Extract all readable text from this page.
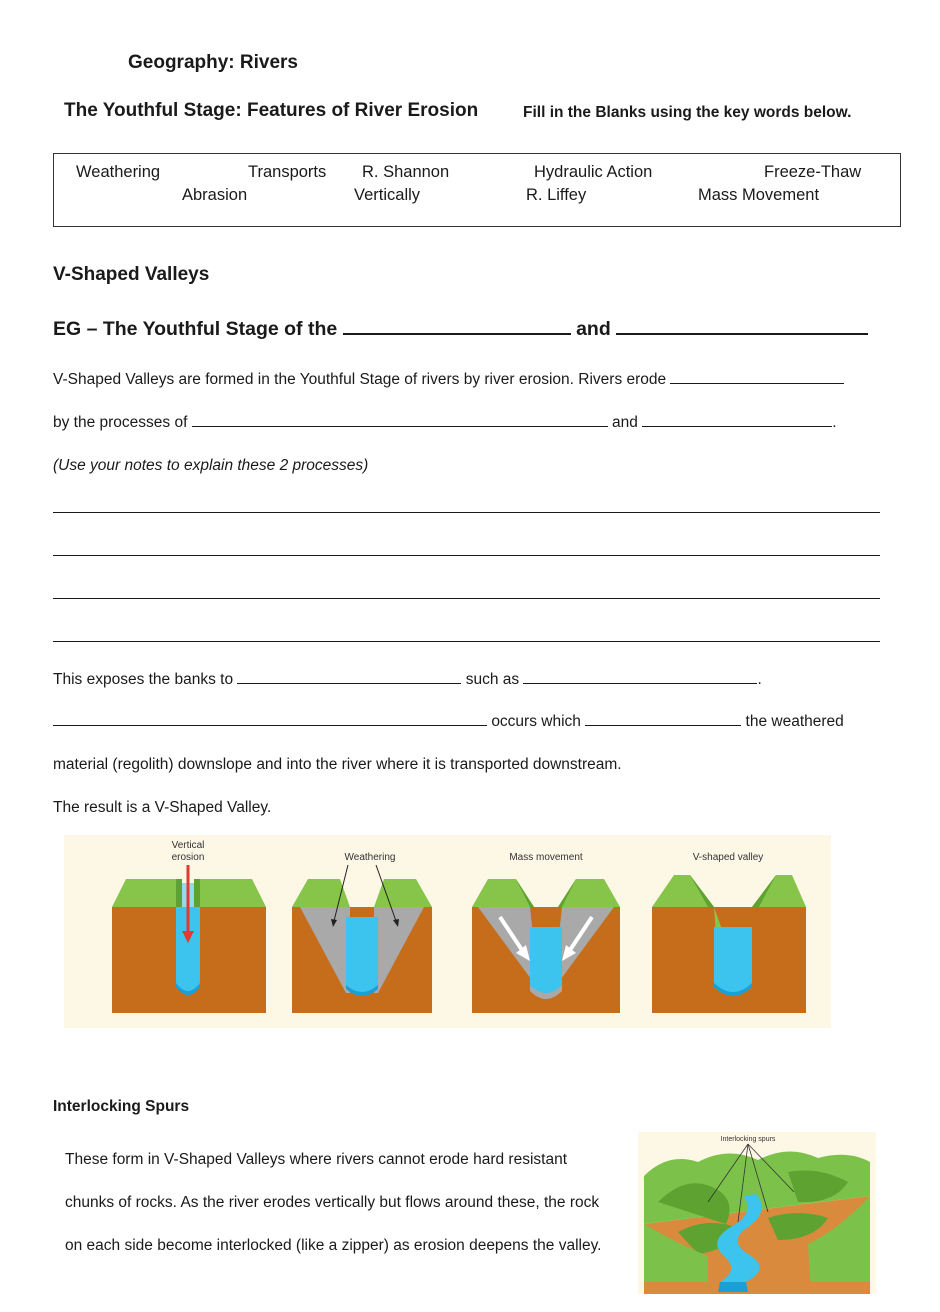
Geography: Rivers
The Youthful Stage: Features of River Erosion	Fill in the Blanks using the key words below.
Weathering	Transports R. Shannon	Hydraulic Action	Freeze-Thaw
Abrasion	Vertically	R. Liffey	Mass Movement
V-Shaped Valleys
EG – The Youthful Stage of the	and
V-Shaped Valleys are formed in the Youthful Stage of rivers by river erosion. Rivers erode
by the processes of	and	.
(Use your notes to explain these 2 processes)
This exposes the banks to	such as	.
occurs which	the weathered
material (regolith) downslope and into the river where it is transported downstream.
The result is a V-Shaped Valley.
Vertical
erosion	Weathering	Mass movement	V-shaped valley
Interlocking Spurs
These form in V-Shaped Valleys where rivers cannot erode hard resistant
chunks of rocks. As the river erodes vertically but flows around these, the rock
on each side become interlocked (like a zipper) as erosion deepens the valley.
Interlocking spurs
